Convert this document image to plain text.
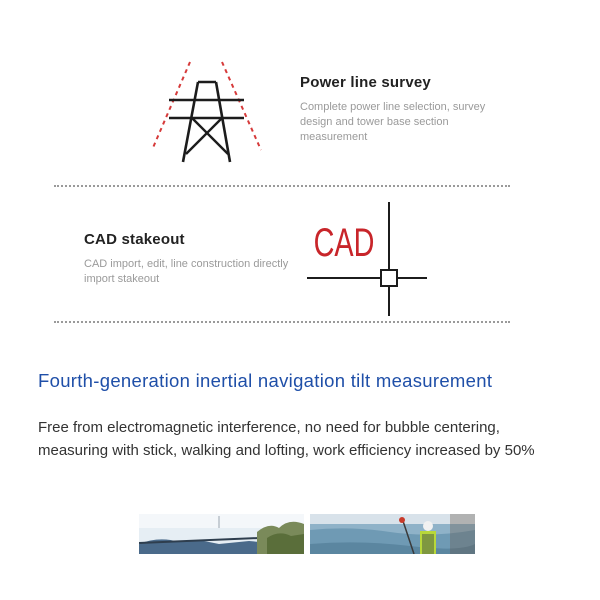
Power line survey

Complete power line selection, survey design and tower base section measurement

CAD stakeout

CAD import, edit, line construction directly import stakeout

CAD
Fourth-generation inertial navigation tilt measurement

Free from electromagnetic interference, no need for bubble centering, measuring with stick, walking and lofting, work efficiency increased by 50%
